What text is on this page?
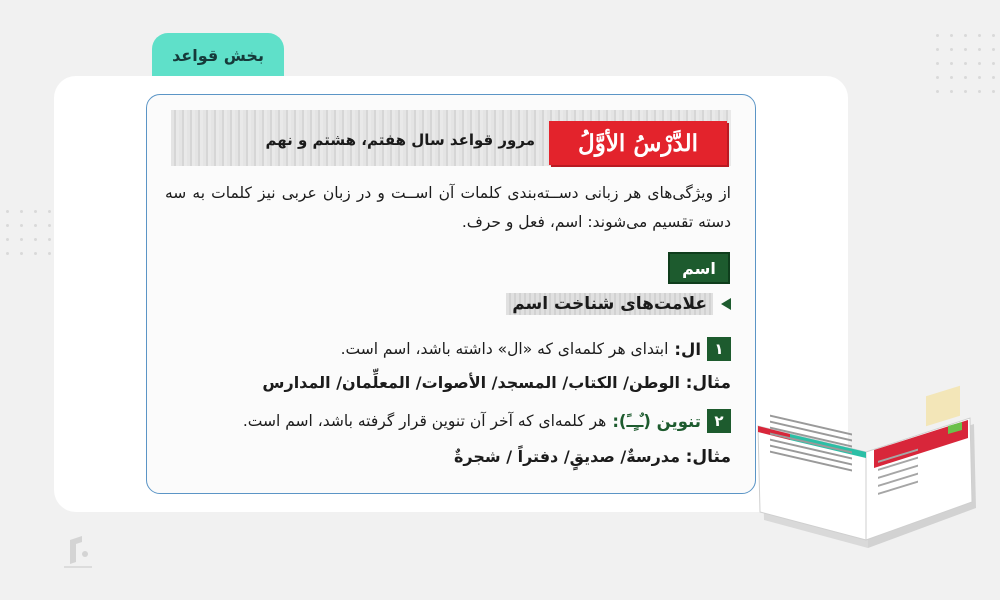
بخش قواعد
الدَّرْسُ الأوَّلُ
مرور قواعد سال هفتم، هشتم و نهم

از ویژگی‌های هر زبانی دســته‌بندی کلمات آن اســت و در زبان عربی نیز کلمات به سه دسته تقسیم می‌شوند: اسم، فعل و حرف.

اسم
علامت‌های شناخت اسم
۱
ال:
ابتدای هر کلمه‌ای که «ال» داشته باشد، اسم است.
مثال: الوطن/ الکتاب/ المسجد/ الأصوات/ المعلِّمان/ المدارس
۲
تنوین (ـٌـٍـً):
هر کلمه‌ای که آخر آن تنوین قرار گرفته باشد، اسم است.
مثال: مدرسةٌ/ صدیقٍ/ دفتراً / شجرةٌ
